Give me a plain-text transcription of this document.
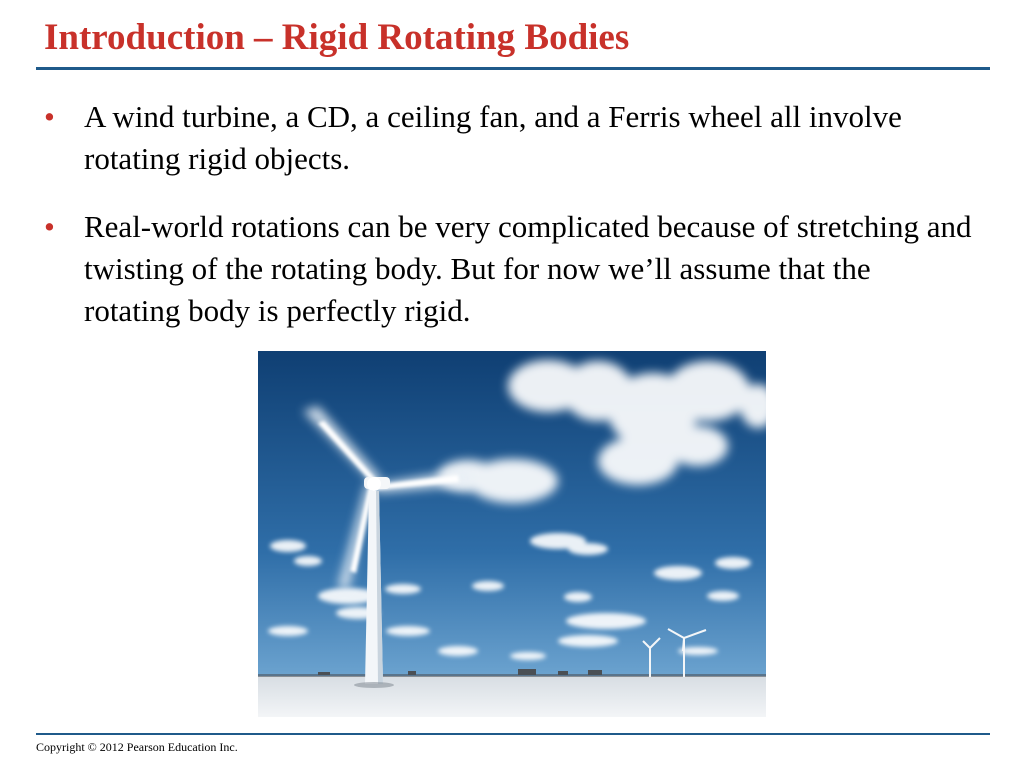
Introduction – Rigid Rotating Bodies
• A wind turbine, a CD, a ceiling fan, and a Ferris wheel all involve rotating rigid objects.
• Real-world rotations can be very complicated because of stretching and twisting of the rotating body. But for now we’ll assume that the rotating body is perfectly rigid.
Copyright © 2012 Pearson Education Inc.
